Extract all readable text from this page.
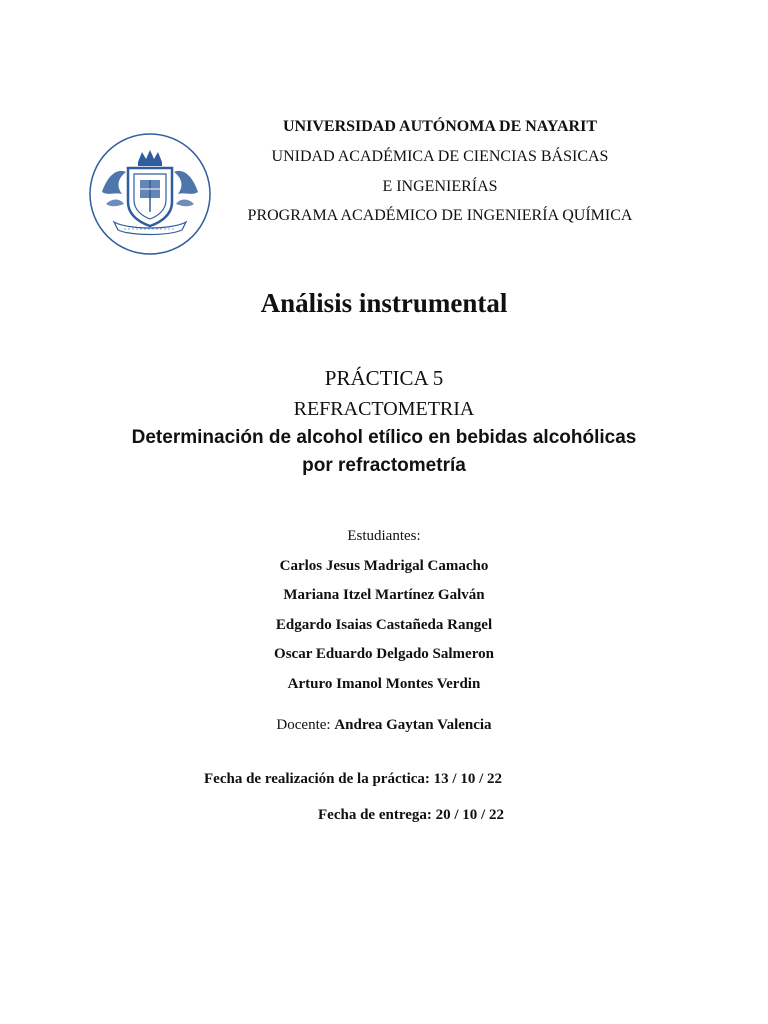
UNIVERSIDAD AUTÓNOMA DE NAYARIT
UNIDAD ACADÉMICA DE CIENCIAS BÁSICAS
E INGENIERÍAS
PROGRAMA ACADÉMICO DE INGENIERÍA QUÍMICA
Análisis instrumental
PRÁCTICA 5
REFRACTOMETRIA
Determinación de alcohol etílico en bebidas alcohólicas
por refractometría
Estudiantes:
Carlos Jesus Madrigal Camacho
Mariana Itzel Martínez Galván
Edgardo Isaias Castañeda Rangel
Oscar Eduardo Delgado Salmeron
Arturo Imanol Montes Verdin
Docente: Andrea Gaytan Valencia
Fecha de realización de la práctica: 13 / 10 / 22
Fecha de entrega: 20 / 10 / 22
